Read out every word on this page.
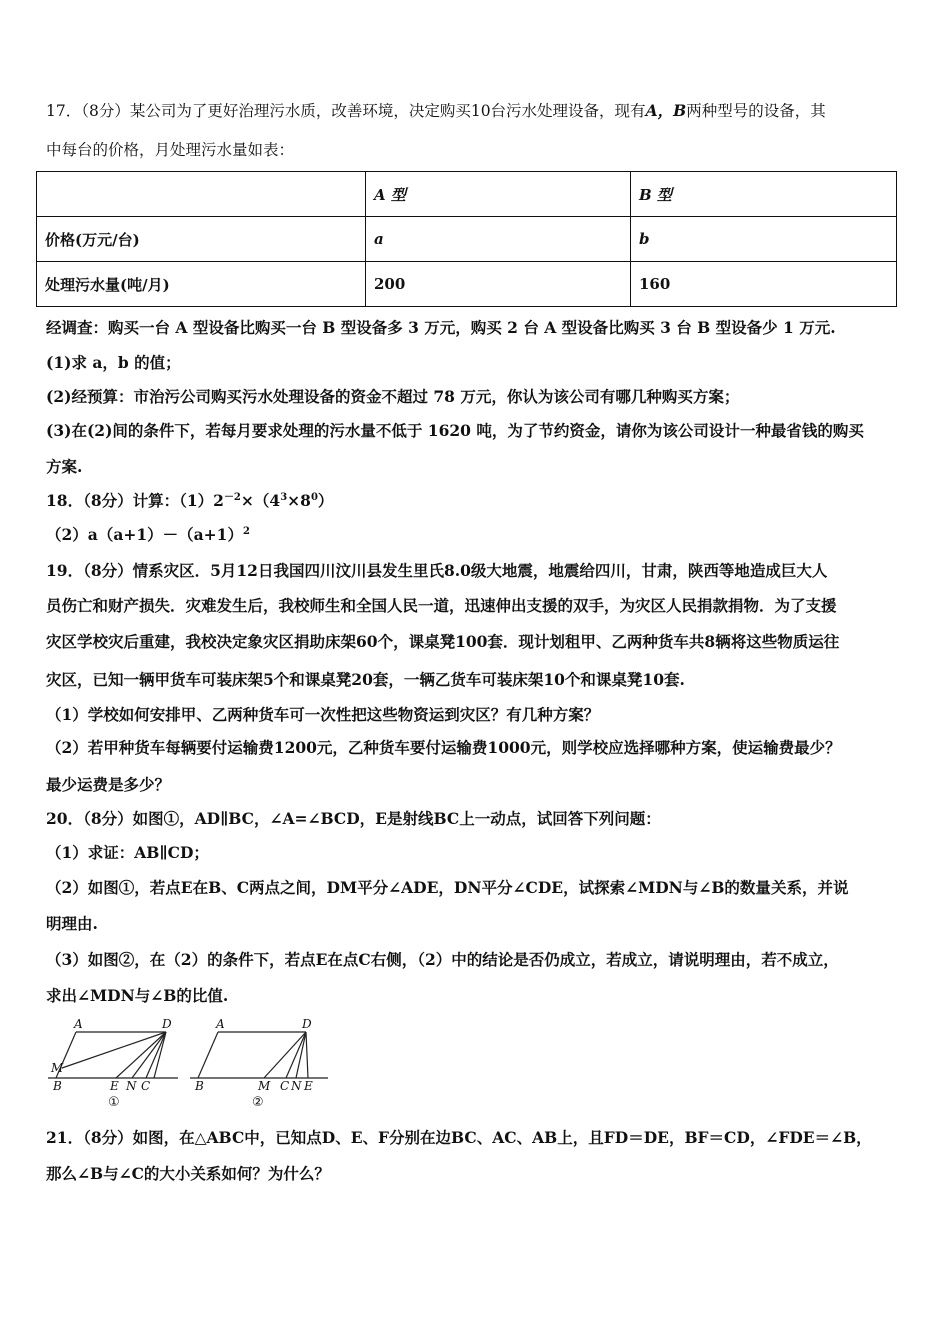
17．（8分）某公司为了更好治理污水质，改善环境，决定购买10台污水处理设备，现有A，B两种型号的设备，其
中每台的价格，月处理污水量如表：
	A 型	B 型
价格(万元/台)	a	b
处理污水量(吨/月)	200	160
经调查：购买一台 A 型设备比购买一台 B 型设备多 3 万元，购买 2 台 A 型设备比购买 3 台 B 型设备少 1 万元.
(1)求 a，b 的值；
(2)经预算：市治污公司购买污水处理设备的资金不超过 78 万元，你认为该公司有哪几种购买方案；
(3)在(2)间的条件下，若每月要求处理的污水量不低于 1620 吨，为了节约资金，请你为该公司设计一种最省钱的购买
方案.
18．（8分）计算：$(1)2^{-2}\times(4^3\times 8^0)$
$(2)a(a+1)-(a+1)^2$
19．（8分）情系灾区．5月12日我国四川汶川县发生里氏8.0级大地震，地震给四川，甘肃，陕西等地造成巨大人
员伤亡和财产损失．灾难发生后，我校师生和全国人民一道，迅速伸出支援的双手，为灾区人民捐款捐物．为了支援
灾区学校灾后重建，我校决定象灾区捐助床架60个，课桌凳100套．现计划租甲、乙两种货车共8辆将这些物质运往
灾区，已知一辆甲货车可装床架5个和课桌凳20套，一辆乙货车可装床架10个和课桌凳10套.
（1）学校如何安排甲、乙两种货车可一次性把这些物资运到灾区？有几种方案？
（2）若甲种货车每辆要付运输费1200元，乙种货车要付运输费1000元，则学校应选择哪种方案，使运输费最少？
最少运费是多少？
20．（8分）如图①，AD∥BC，∠A=∠BCD，E是射线BC上一动点，试回答下列问题：
（1）求证：AB∥CD；
（2）如图①，若点E在B、C两点之间，DM平分∠ADE，DN平分∠CDE，试探索∠MDN与∠B的数量关系，并说
明理由.
（3）如图②，在（2）的条件下，若点E在点C右侧，（2）中的结论是否仍成立，若成立，请说明理由，若不成立，
求出∠MDN与∠B的比值.
A	D
M
B	E N C
①
A	D
B	M C N E
②
21．（8分）如图，在△ABC中，已知点D、E、F分别在边BC、AC、AB上，且FD＝DE，BF＝CD，∠FDE＝∠B，
那么∠B与∠C的大小关系如何？为什么？
